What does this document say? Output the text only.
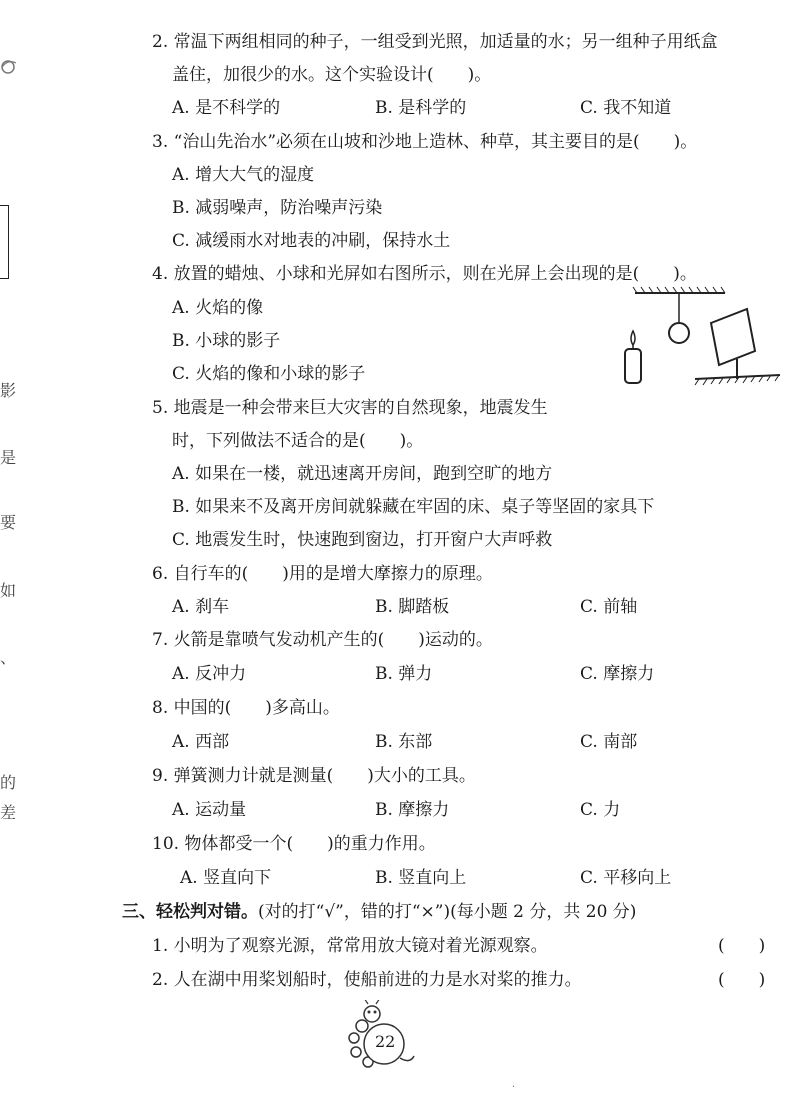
影
是
要
如
、
的
差
2. 常温下两组相同的种子，一组受到光照，加适量的水；另一组种子用纸盒
盖住，加很少的水。这个实验设计(　　)。
A. 是不科学的	B. 是科学的	C. 我不知道
3. “治山先治水”必须在山坡和沙地上造林、种草，其主要目的是(　　)。
A. 增大大气的湿度
B. 减弱噪声，防治噪声污染
C. 减缓雨水对地表的冲刷，保持水土
4. 放置的蜡烛、小球和光屏如右图所示，则在光屏上会出现的是(　　)。
A. 火焰的像
B. 小球的影子
C. 火焰的像和小球的影子
5. 地震是一种会带来巨大灾害的自然现象，地震发生
时，下列做法不适合的是(　　)。
A. 如果在一楼，就迅速离开房间，跑到空旷的地方
B. 如果来不及离开房间就躲藏在牢固的床、桌子等坚固的家具下
C. 地震发生时，快速跑到窗边，打开窗户大声呼救
6. 自行车的(　　)用的是增大摩擦力的原理。
A. 刹车	B. 脚踏板	C. 前轴
7. 火箭是靠喷气发动机产生的(　　)运动的。
A. 反冲力	B. 弹力	C. 摩擦力
8. 中国的(　　)多高山。
A. 西部	B. 东部	C. 南部
9. 弹簧测力计就是测量(　　)大小的工具。
A. 运动量	B. 摩擦力	C. 力
10. 物体都受一个(　　)的重力作用。
A. 竖直向下	B. 竖直向上	C. 平移向上
三、轻松判对错。(对的打“√”，错的打“×”)(每小题 2 分，共 20 分)
1. 小明为了观察光源，常常用放大镜对着光源观察。	(　　)
2. 人在湖中用桨划船时，使船前进的力是水对桨的推力。	(　　)
22
·
